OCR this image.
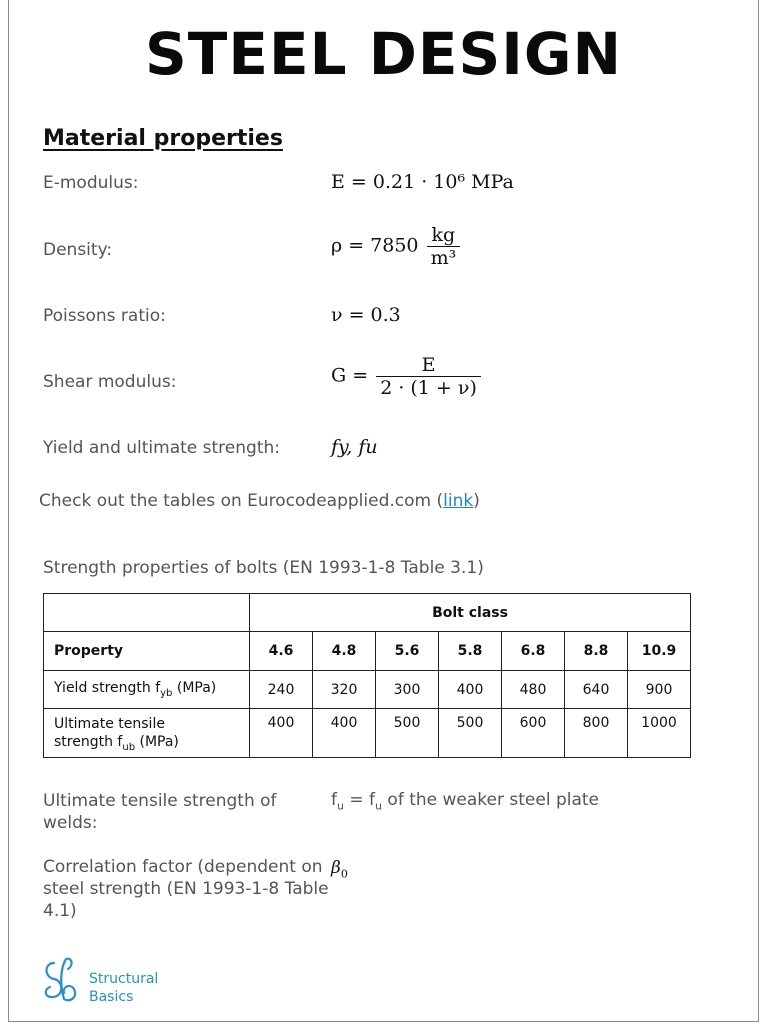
STEEL DESIGN
Material properties
E-modulus:	E = 0.21 · 10⁶ MPa
Density:	$\rho = 7850 \frac{kg}{\text{m³}}$
Poissons ratio:	ν = 0.3
Shear modulus:	$G = \frac{E}{2 \cdot (1 + \nu)}$
Yield and ultimate strength:	fy, fu
Check out the tables on Eurocodeapplied.com (link)
Strength properties of bolts (EN 1993-1-8 Table 3.1)
	Bolt class						
Property	4.6	4.8	5.6	5.8	6.8	8.8	10.9
Yield strength $f_{yb}$ (MPa)	240	320	300	400	480	640	900
Ultimate tensile
strength $f_{ub}$ (MPa)	400	400	500	500	600	800	1000
Ultimate tensile strength of welds:
$f_u = f_u$ of the weaker steel plate
Correlation factor (dependent on steel strength (EN 1993-1-8 Table 4.1)
$\beta_0$
Structural
Basics
